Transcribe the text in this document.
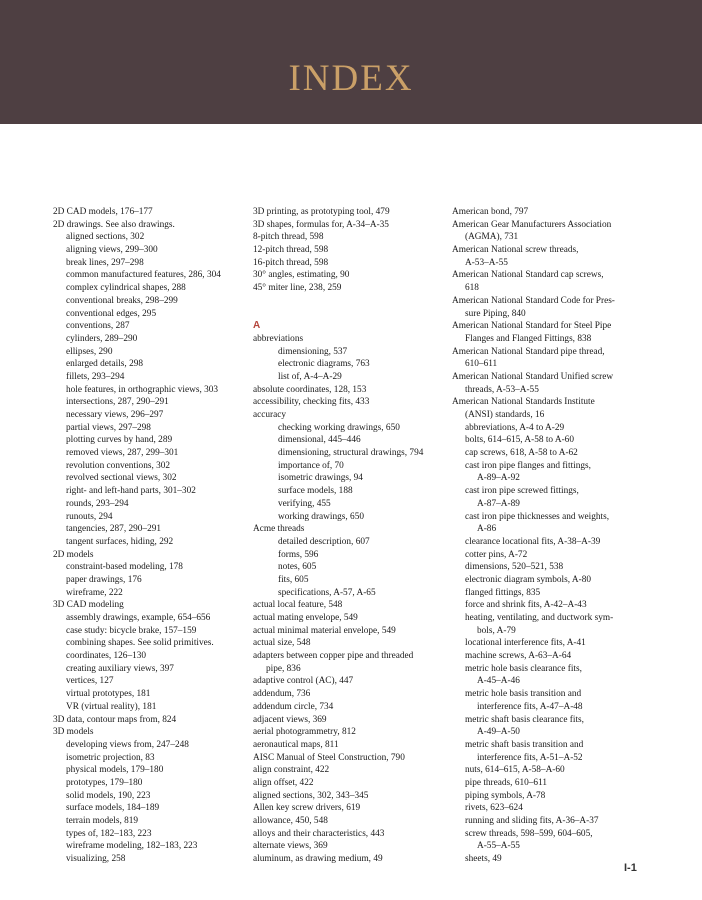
INDEX
2D CAD models, 176–177
2D drawings. See also drawings.
aligned sections, 302
aligning views, 299–300
break lines, 297–298
common manufactured features, 286, 304
complex cylindrical shapes, 288
conventional breaks, 298–299
conventional edges, 295
conventions, 287
cylinders, 289–290
ellipses, 290
enlarged details, 298
fillets, 293–294
hole features, in orthographic views, 303
intersections, 287, 290–291
necessary views, 296–297
partial views, 297–298
plotting curves by hand, 289
removed views, 287, 299–301
revolution conventions, 302
revolved sectional views, 302
right- and left-hand parts, 301–302
rounds, 293–294
runouts, 294
tangencies, 287, 290–291
tangent surfaces, hiding, 292
2D models
constraint-based modeling, 178
paper drawings, 176
wireframe, 222
3D CAD modeling
assembly drawings, example, 654–656
case study: bicycle brake, 157–159
combining shapes. See solid primitives.
coordinates, 126–130
creating auxiliary views, 397
vertices, 127
virtual prototypes, 181
VR (virtual reality), 181
3D data, contour maps from, 824
3D models
developing views from, 247–248
isometric projection, 83
physical models, 179–180
prototypes, 179–180
solid models, 190, 223
surface models, 184–189
terrain models, 819
types of, 182–183, 223
wireframe modeling, 182–183, 223
visualizing, 258
3D printing, as prototyping tool, 479
3D shapes, formulas for, A-34–A-35
8-pitch thread, 598
12-pitch thread, 598
16-pitch thread, 598
30° angles, estimating, 90
45° miter line, 238, 259
A
abbreviations
dimensioning, 537
electronic diagrams, 763
list of, A-4–A-29
absolute coordinates, 128, 153
accessibility, checking fits, 433
accuracy
checking working drawings, 650
dimensional, 445–446
dimensioning, structural drawings, 794
importance of, 70
isometric drawings, 94
surface models, 188
verifying, 455
working drawings, 650
Acme threads
detailed description, 607
forms, 596
notes, 605
fits, 605
specifications, A-57, A-65
actual local feature, 548
actual mating envelope, 549
actual minimal material envelope, 549
actual size, 548
adapters between copper pipe and threaded
pipe, 836
adaptive control (AC), 447
addendum, 736
addendum circle, 734
adjacent views, 369
aerial photogrammetry, 812
aeronautical maps, 811
AISC Manual of Steel Construction, 790
align constraint, 422
align offset, 422
aligned sections, 302, 343–345
Allen key screw drivers, 619
allowance, 450, 548
alloys and their characteristics, 443
alternate views, 369
aluminum, as drawing medium, 49
American bond, 797
American Gear Manufacturers Association
(AGMA), 731
American National screw threads,
A-53–A-55
American National Standard cap screws,
618
American National Standard Code for Pres-
sure Piping, 840
American National Standard for Steel Pipe
Flanges and Flanged Fittings, 838
American National Standard pipe thread,
610–611
American National Standard Unified screw
threads, A-53–A-55
American National Standards Institute
(ANSI) standards, 16
abbreviations, A-4 to A-29
bolts, 614–615, A-58 to A-60
cap screws, 618, A-58 to A-62
cast iron pipe flanges and fittings,
A-89–A-92
cast iron pipe screwed fittings,
A-87–A-89
cast iron pipe thicknesses and weights,
A-86
clearance locational fits, A-38–A-39
cotter pins, A-72
dimensions, 520–521, 538
electronic diagram symbols, A-80
flanged fittings, 835
force and shrink fits, A-42–A-43
heating, ventilating, and ductwork sym-
bols, A-79
locational interference fits, A-41
machine screws, A-63–A-64
metric hole basis clearance fits,
A-45–A-46
metric hole basis transition and
interference fits, A-47–A-48
metric shaft basis clearance fits,
A-49–A-50
metric shaft basis transition and
interference fits, A-51–A-52
nuts, 614–615, A-58–A-60
pipe threads, 610–611
piping symbols, A-78
rivets, 623–624
running and sliding fits, A-36–A-37
screw threads, 598–599, 604–605,
A-55–A-55
sheets, 49
I-1
